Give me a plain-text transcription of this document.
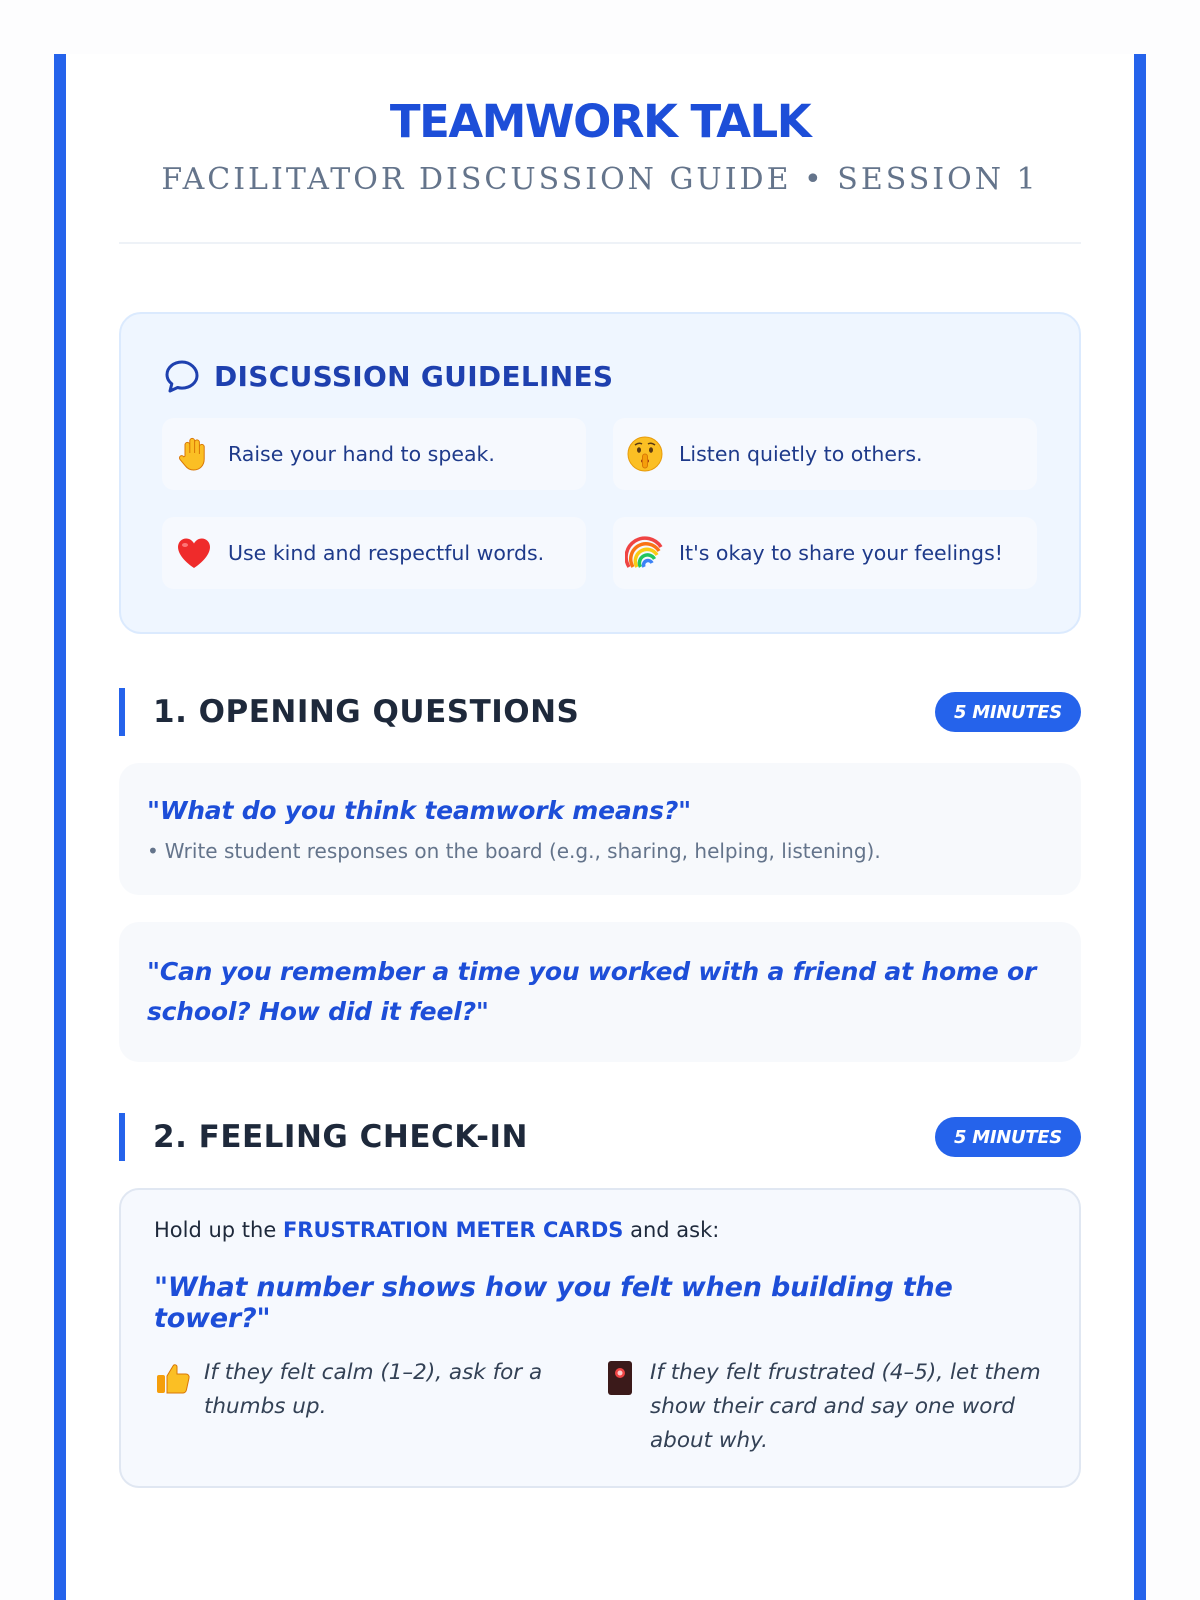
TEAMWORK TALK
FACILITATOR DISCUSSION GUIDE • SESSION 1
DISCUSSION GUIDELINES
Raise your hand to speak.	Listen quietly to others.
Use kind and respectful words.	It's okay to share your feelings!
1. OPENING QUESTIONS	5 MINUTES
"What do you think teamwork means?"
• Write student responses on the board (e.g., sharing, helping, listening).
"Can you remember a time you worked with a friend at home or school? How did it feel?"
2. FEELING CHECK-IN	5 MINUTES
Hold up the FRUSTRATION METER CARDS and ask:
"What number shows how you felt when building the tower?"
If they felt calm (1–2), ask for a thumbs up.
If they felt frustrated (4–5), let them show their card and say one word about why.
